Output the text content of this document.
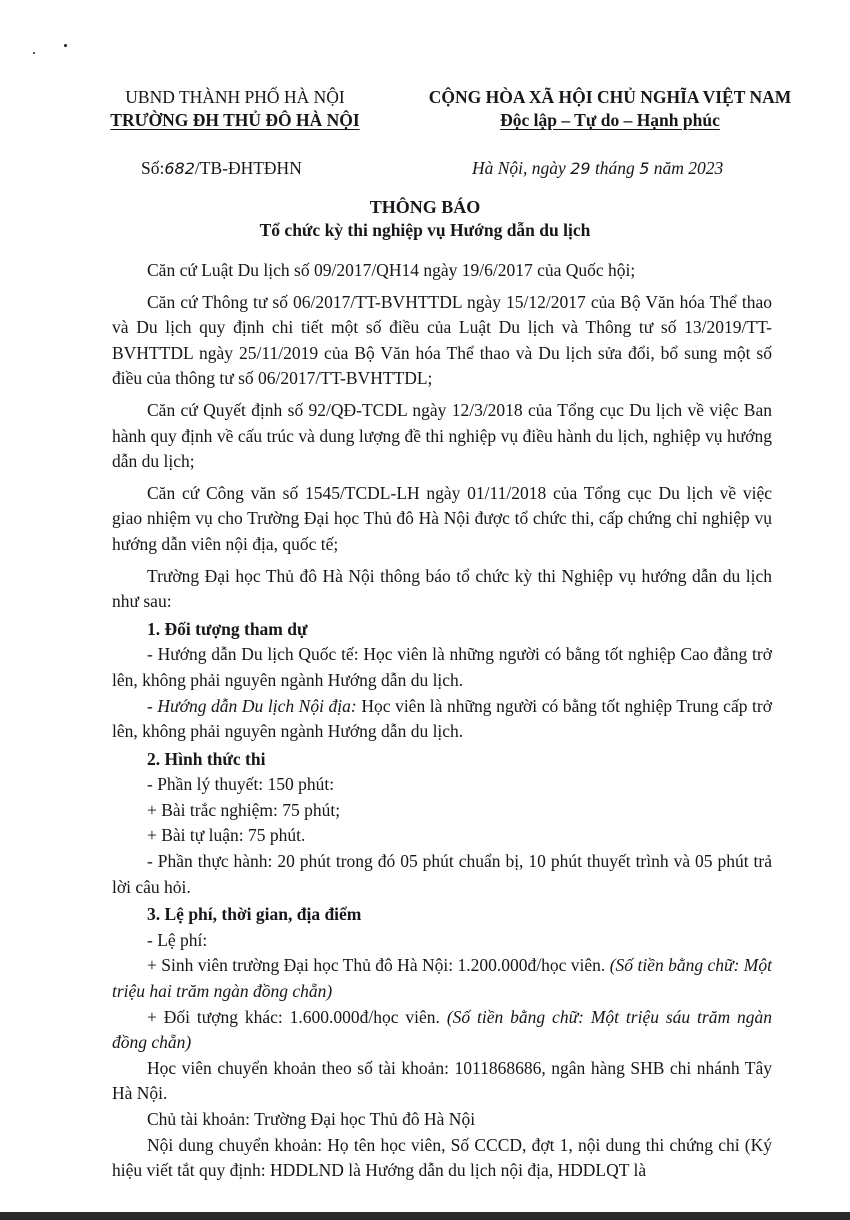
UBND THÀNH PHỐ HÀ NỘI
TRƯỜNG ĐH THỦ ĐÔ HÀ NỘI
CỘNG HÒA XÃ HỘI CHỦ NGHĨA VIỆT NAM
Độc lập – Tự do – Hạnh phúc
Số:682/TB-ĐHTĐHN	Hà Nội, ngày 29 tháng 5 năm 2023
THÔNG BÁO
Tổ chức kỳ thi nghiệp vụ Hướng dẫn du lịch

Căn cứ Luật Du lịch số 09/2017/QH14 ngày 19/6/2017 của Quốc hội;

Căn cứ Thông tư số 06/2017/TT-BVHTTDL ngày 15/12/2017 của Bộ Văn hóa Thể thao và Du lịch quy định chi tiết một số điều của Luật Du lịch và Thông tư số 13/2019/TT-BVHTTDL ngày 25/11/2019 của Bộ Văn hóa Thể thao và Du lịch sửa đổi, bổ sung một số điều của thông tư số 06/2017/TT-BVHTTDL;

Căn cứ Quyết định số 92/QĐ-TCDL ngày 12/3/2018 của Tổng cục Du lịch về việc Ban hành quy định về cấu trúc và dung lượng đề thi nghiệp vụ điều hành du lịch, nghiệp vụ hướng dẫn du lịch;

Căn cứ Công văn số 1545/TCDL-LH ngày 01/11/2018 của Tổng cục Du lịch về việc giao nhiệm vụ cho Trường Đại học Thủ đô Hà Nội được tổ chức thi, cấp chứng chỉ nghiệp vụ hướng dẫn viên nội địa, quốc tế;

Trường Đại học Thủ đô Hà Nội thông báo tổ chức kỳ thi Nghiệp vụ hướng dẫn du lịch như sau:

1. Đối tượng tham dự

- Hướng dẫn Du lịch Quốc tế: Học viên là những người có bằng tốt nghiệp Cao đẳng trở lên, không phải nguyên ngành Hướng dẫn du lịch.

- Hướng dẫn Du lịch Nội địa: Học viên là những người có bằng tốt nghiệp Trung cấp trở lên, không phải nguyên ngành Hướng dẫn du lịch.

2. Hình thức thi

- Phần lý thuyết: 150 phút:

+ Bài trắc nghiệm: 75 phút;

+ Bài tự luận: 75 phút.

- Phần thực hành: 20 phút trong đó 05 phút chuẩn bị, 10 phút thuyết trình và 05 phút trả lời câu hỏi.

3. Lệ phí, thời gian, địa điểm

- Lệ phí:

+ Sinh viên trường Đại học Thủ đô Hà Nội: 1.200.000đ/học viên. (Số tiền bằng chữ: Một triệu hai trăm ngàn đồng chẵn)

+ Đối tượng khác: 1.600.000đ/học viên. (Số tiền bằng chữ: Một triệu sáu trăm ngàn đồng chẵn)

Học viên chuyển khoản theo số tài khoản: 1011868686, ngân hàng SHB chi nhánh Tây Hà Nội.

Chủ tài khoản: Trường Đại học Thủ đô Hà Nội

Nội dung chuyển khoản: Họ tên học viên, Số CCCD, đợt 1, nội dung thi chứng chỉ (Ký hiệu viết tắt quy định: HDDLND là Hướng dẫn du lịch nội địa, HDDLQT là
